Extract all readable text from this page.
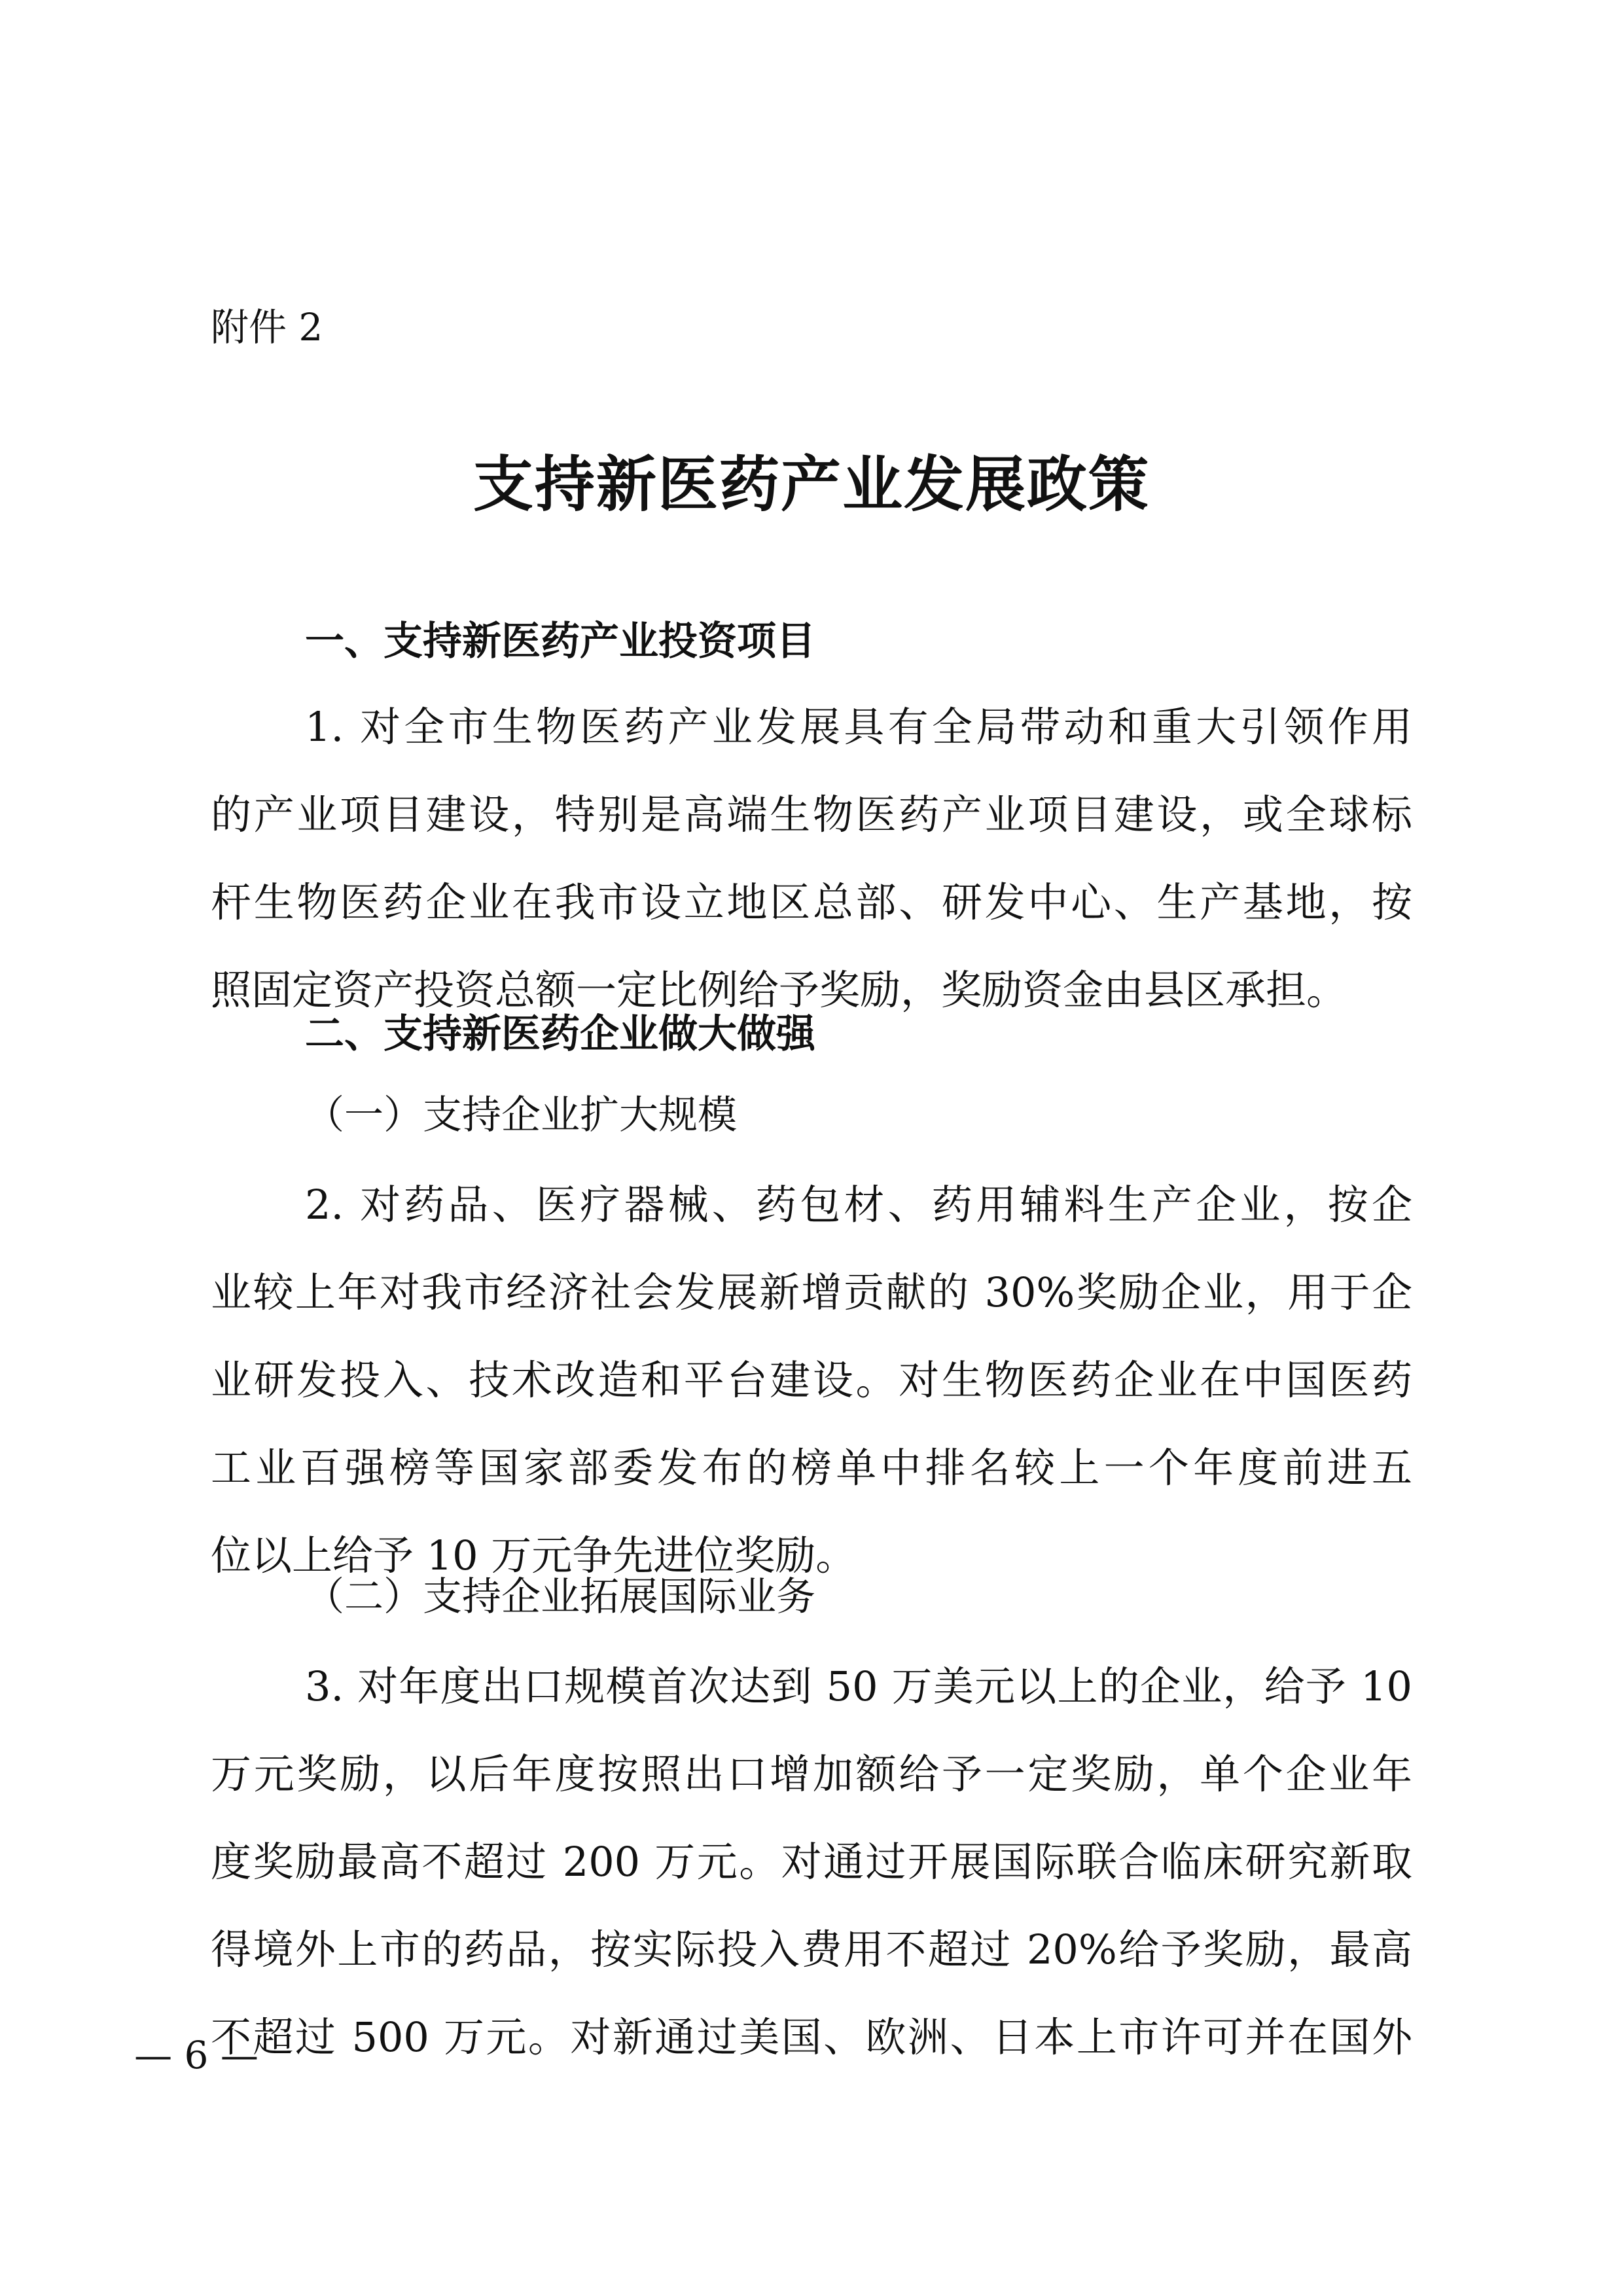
附件 2
支持新医药产业发展政策
一、支持新医药产业投资项目
1. 对全市生物医药产业发展具有全局带动和重大引领作用
的产业项目建设，特别是高端生物医药产业项目建设，或全球标
杆生物医药企业在我市设立地区总部、研发中心、生产基地，按
照固定资产投资总额一定比例给予奖励，奖励资金由县区承担。
二、支持新医药企业做大做强
（一）支持企业扩大规模
2. 对药品、医疗器械、药包材、药用辅料生产企业，按企
业较上年对我市经济社会发展新增贡献的 30%奖励企业，用于企
业研发投入、技术改造和平台建设。对生物医药企业在中国医药
工业百强榜等国家部委发布的榜单中排名较上一个年度前进五
位以上给予 10 万元争先进位奖励。
（二）支持企业拓展国际业务
3. 对年度出口规模首次达到 50 万美元以上的企业，给予 10
万元奖励，以后年度按照出口增加额给予一定奖励，单个企业年
度奖励最高不超过 200 万元。对通过开展国际联合临床研究新取
得境外上市的药品，按实际投入费用不超过 20%给予奖励，最高
不超过 500 万元。对新通过美国、欧洲、日本上市许可并在国外
— 6 —
